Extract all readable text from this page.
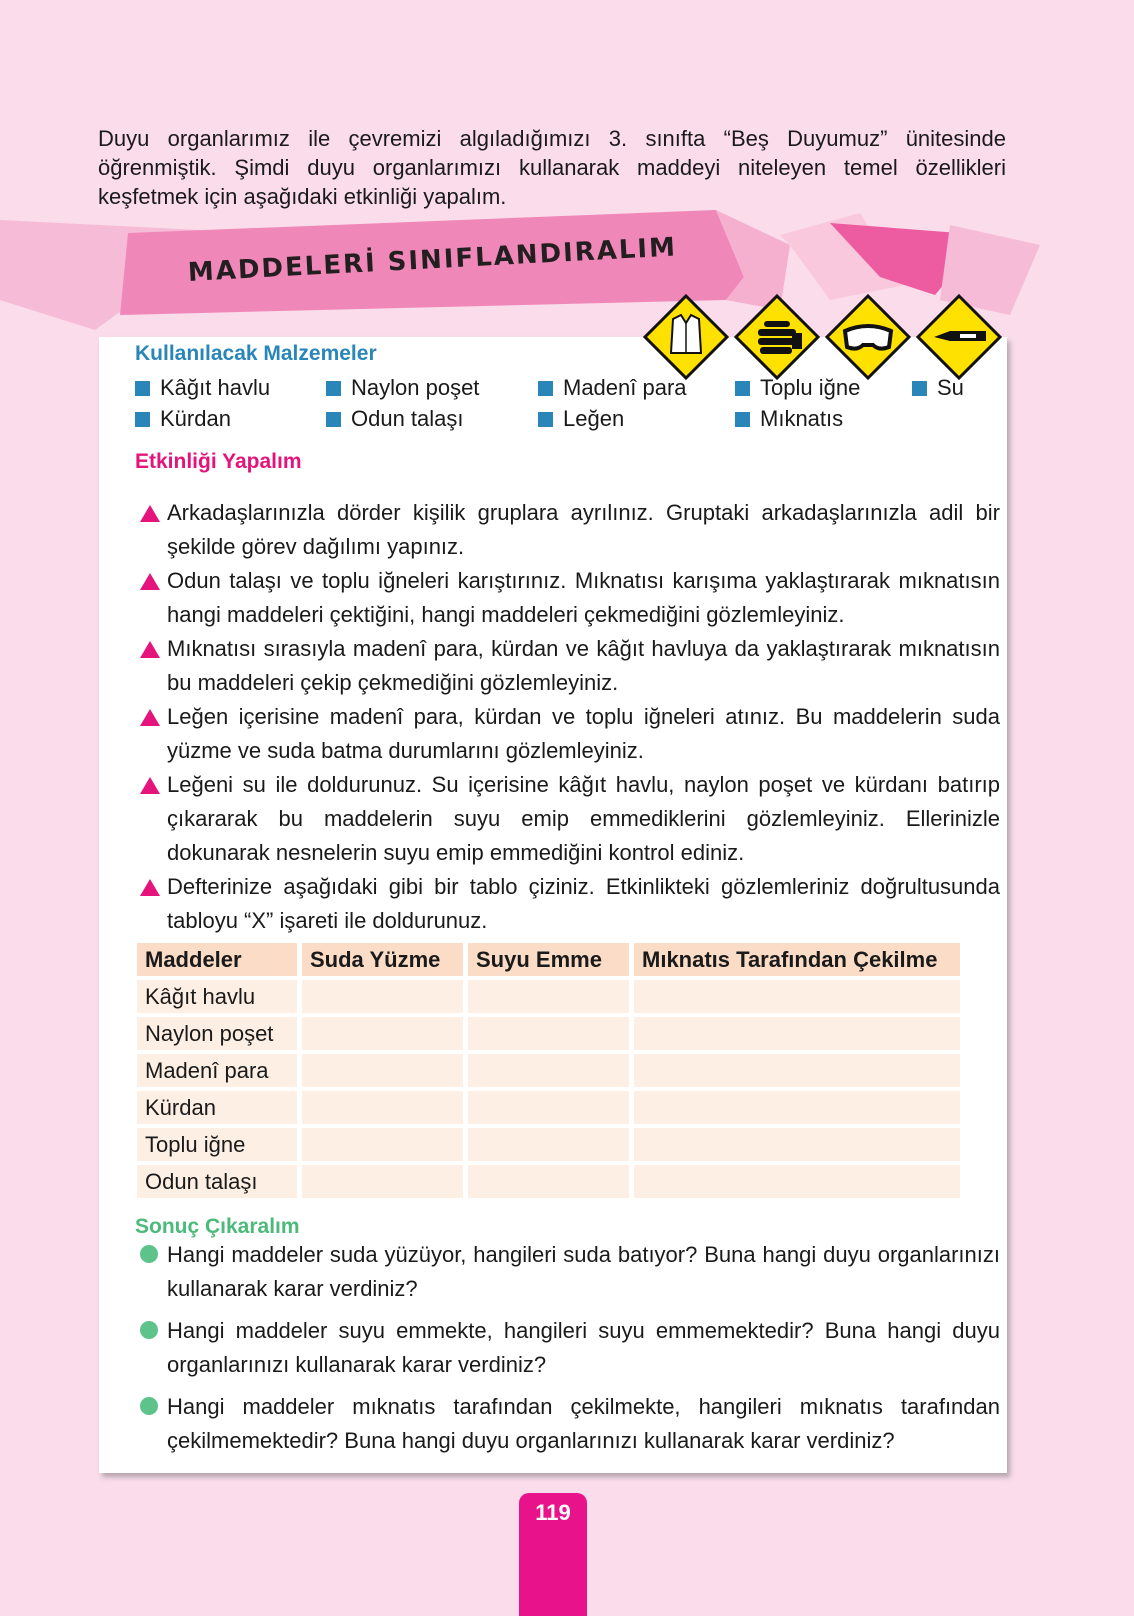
Duyu organlarımız ile çevremizi algıladığımızı 3. sınıfta “Beş Duyumuz” ünitesinde öğrenmiştik. Şimdi duyu organlarımızı kullanarak maddeyi niteleyen temel özellikleri keşfetmek için aşağıdaki etkinliği yapalım.

MADDELERİ SINIFLANDIRALIM
Kullanılacak Malzemeler
Kâğıt havlu	Naylon poşet	Madenî para	Toplu iğne	Su
Kürdan	Odun talaşı	Leğen	Mıknatıs
Etkinliği Yapalım
Arkadaşlarınızla dörder kişilik gruplara ayrılınız. Gruptaki arkadaşlarınızla adil bir şekilde görev dağılımı yapınız.
Odun talaşı ve toplu iğneleri karıştırınız. Mıknatısı karışıma yaklaştırarak mıknatısın hangi maddeleri çektiğini, hangi maddeleri çekmediğini gözlemleyiniz.
Mıknatısı sırasıyla madenî para, kürdan ve kâğıt havluya da yaklaştırarak mıknatısın bu maddeleri çekip çekmediğini gözlemleyiniz.
Leğen içerisine madenî para, kürdan ve toplu iğneleri atınız. Bu maddelerin suda yüzme ve suda batma durumlarını gözlemleyiniz.
Leğeni su ile doldurunuz. Su içerisine kâğıt havlu, naylon poşet ve kürdanı batırıp çıkararak bu maddelerin suyu emip emmediklerini gözlemleyiniz. Ellerinizle dokunarak nesnelerin suyu emip emmediğini kontrol ediniz.
Defterinize aşağıdaki gibi bir tablo çiziniz. Etkinlikteki gözlemleriniz doğrultusunda tabloyu “X” işareti ile doldurunuz.
Maddeler	Suda Yüzme	Suyu Emme	Mıknatıs Tarafından Çekilme
Kâğıt havlu			
Naylon poşet			
Madenî para			
Kürdan			
Toplu iğne			
Odun talaşı			
Sonuç Çıkaralım
Hangi maddeler suda yüzüyor, hangileri suda batıyor? Buna hangi duyu organlarınızı kullanarak karar verdiniz?
Hangi maddeler suyu emmekte, hangileri suyu emmemektedir? Buna hangi duyu organlarınızı kullanarak karar verdiniz?
Hangi maddeler mıknatıs tarafından çekilmekte, hangileri mıknatıs tarafından çekilmemektedir? Buna hangi duyu organlarınızı kullanarak karar verdiniz?
119
